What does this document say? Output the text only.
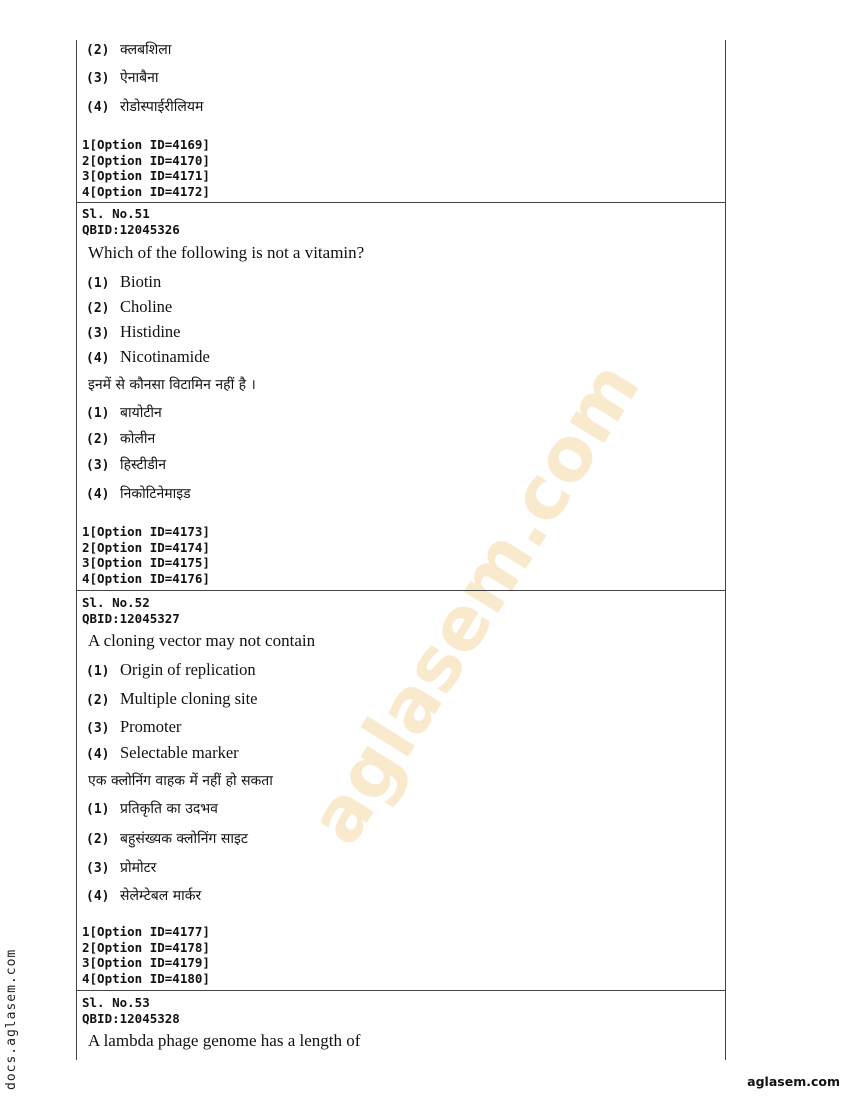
aglasem.com
(2) क्लबशिला
(3) ऐनाबैना
(4) रोडोस्पाईरीलियम
1[Option ID=4169]
2[Option ID=4170]
3[Option ID=4171]
4[Option ID=4172]
Sl. No.51
QBID:12045326
Which of the following is not a vitamin?
(1) Biotin
(2) Choline
(3) Histidine
(4) Nicotinamide
इनमें से कौनसा विटामिन नहीं है ।
(1) बायोटीन
(2) कोलीन
(3) हिस्टीडीन
(4) निकोटिनेमाइड
1[Option ID=4173]
2[Option ID=4174]
3[Option ID=4175]
4[Option ID=4176]
Sl. No.52
QBID:12045327
A cloning vector may not contain
(1) Origin of replication
(2) Multiple cloning site
(3) Promoter
(4) Selectable marker
एक क्लोनिंग वाहक में नहीं हो सकता
(1) प्रतिकृति का उदभव
(2) बहुसंख्यक क्लोनिंग साइट
(3) प्रोमोटर
(4) सेलेम्टेबल मार्कर
1[Option ID=4177]
2[Option ID=4178]
3[Option ID=4179]
4[Option ID=4180]
Sl. No.53
QBID:12045328
A lambda phage genome has a length of
docs.aglasem.com	aglasem.com
